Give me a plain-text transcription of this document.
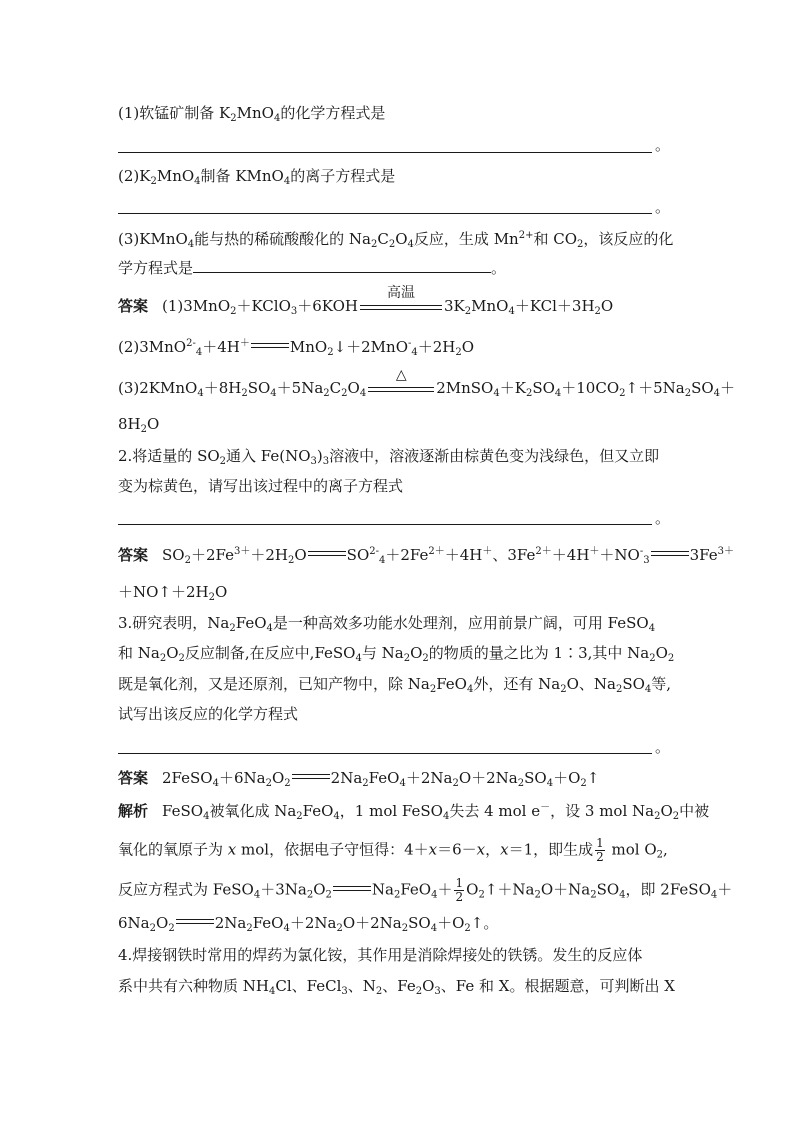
(1)软锰矿制备 $K_2MnO_4$的化学方程式是
。
$(2)K_2MnO_4$制备 KMnO$_4$的离子方程式是
。
(3)KMnO$_4$能与热的稀硫酸酸化的 $Na_2C_2O_4$反应，生成 $Mn^{2+}$和 $CO_2$，该反应的化
学方程式是	。
答案 (1)3MnO$_2$＋KClO$_3$＋6KOH
高温
$3K_2MnO_4+KCl+3H_2O$
(2)3MnO$^{2-}_4$＋4H＋	$MnO_2↓+2MnO^-_4+2H_2O$
$(3)2KMnO_4+8H_2SO_4+5Na_2C_2O_4$
△
$2MnSO_4+K_2SO_4+10CO_2↑+5Na_2SO_4+$
$8H_2O$
2.将适量的 $SO_2$通入 $Fe(NO_3)_3$溶液中，溶液逐渐由棕黄色变为浅绿色，但又立即
变为棕黄色，请写出该过程中的离子方程式
。
答案 $SO_2+2Fe^{3+}+2H_2O$	$SO^{2-}_4+2Fe^{2+}+4H^+$、$3Fe^{2+}+4H^++NO^-_3$	$3Fe^{3+}$
$+NO↑+2H_2O$
3.研究表明，$Na_2FeO_4$是一种高效多功能水处理剂，应用前景广阔，可用 FeSO$_4$
和 $Na_2O_2$反应制备,在反应中,FeSO$_4$与 $Na_2O_2$的物质的量之比为 1∶3,其中 $Na_2O_2$
既是氧化剂，又是还原剂，已知产物中，除 $Na_2FeO_4$外，还有 $Na_2O$、$Na_2SO_4$等,
试写出该反应的化学方程式
。
答案 $2FeSO_4+6Na_2O_2$	$2Na_2FeO_4+2Na_2O+2Na_2SO_4+O_2↑$
解析 FeSO$_4$被氧化成 $Na_2FeO_4$，1 mol FeSO$_4$失去 4 mol e－，设 3 mol $Na_2O_2$中被
氧化的氧原子为 x mol，依据电子守恒得：4＋x＝6－x，x＝1，即生成 $\frac{1}{2}$ mol $O_2$,
反应方程式为 $FeSO_4+3Na_2O_2$	$Na_2FeO_4+ \frac{1}{2}$ $O_2↑+Na_2O+Na_2SO_4$，即 2FeSO$_4$＋
$6Na_2O_2$	$2Na_2FeO_4+2Na_2O+2Na_2SO_4+O_2↑$。
4.焊接钢铁时常用的焊药为氯化铵，其作用是消除焊接处的铁锈。发生的反应体
系中共有六种物质 $NH_4Cl$、FeCl$_3$、$N_2$、$Fe_2O_3$、Fe 和 X。根据题意，可判断出 X
